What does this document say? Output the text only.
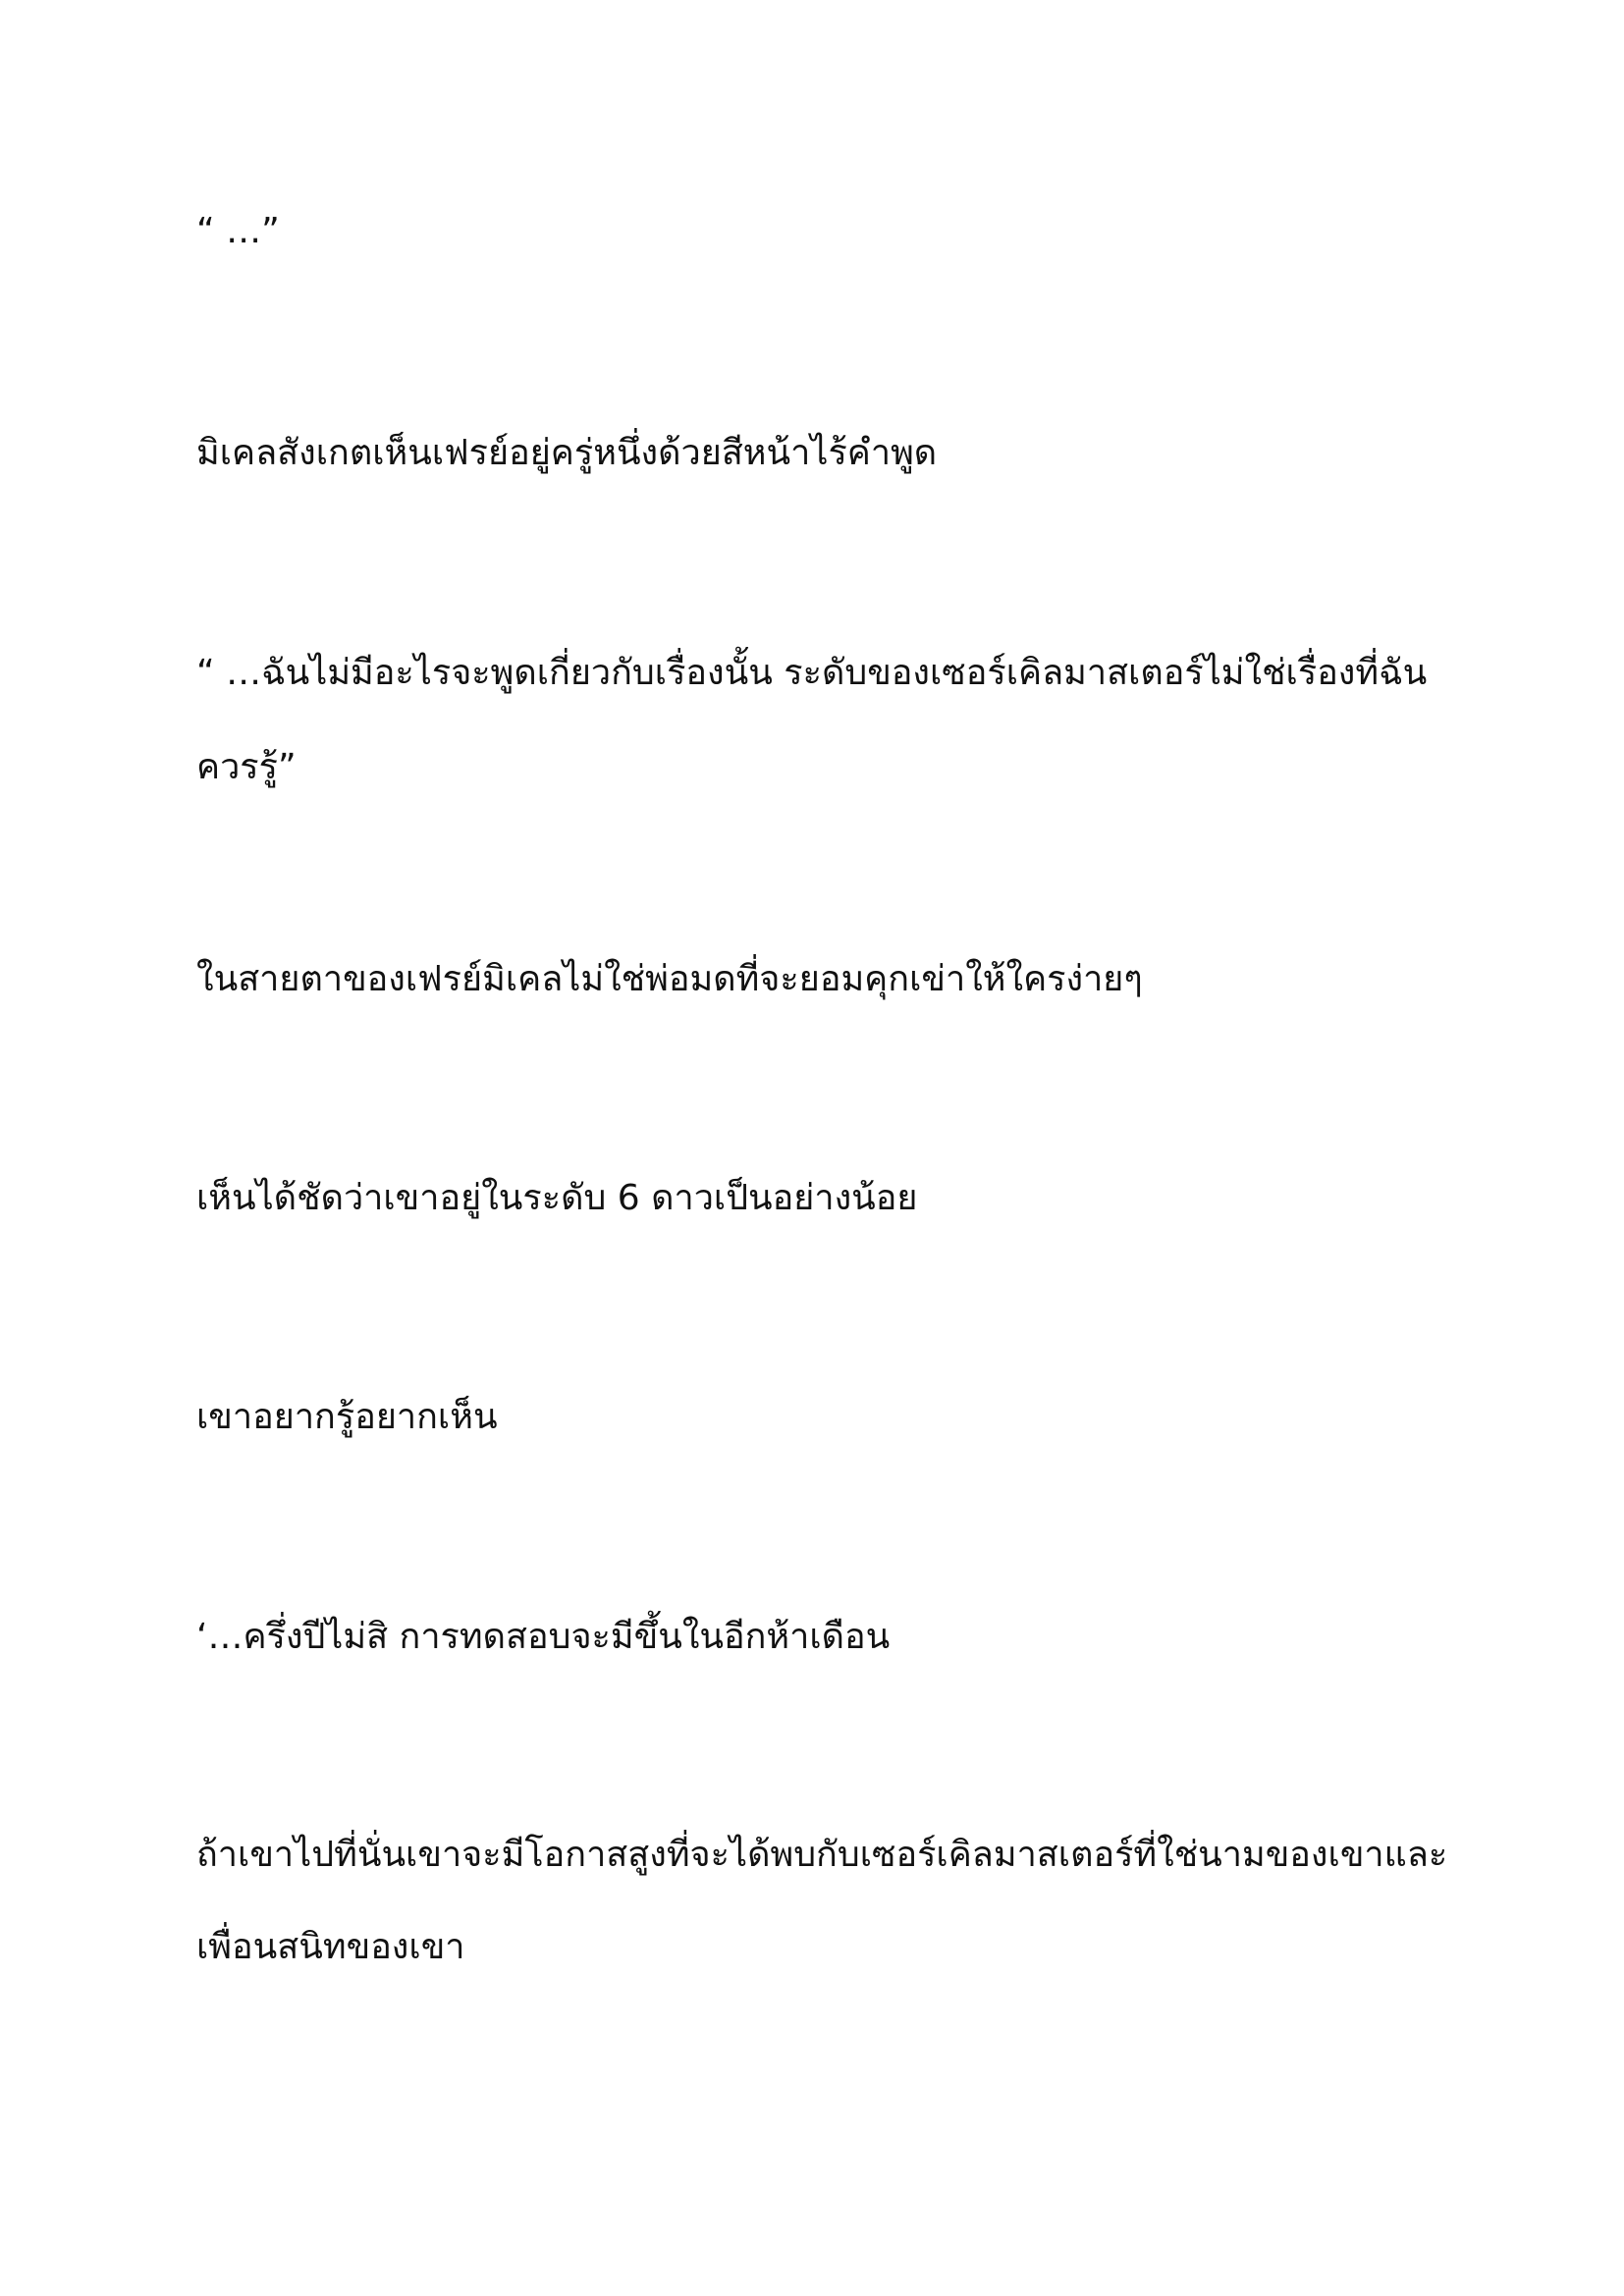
“ …”

มิเคลสังเกตเห็นเฟรย์อยู่ครู่หนึ่งด้วยสีหน้าไร้คำพูด

“ …ฉันไม่มีอะไรจะพูดเกี่ยวกับเรื่องนั้น ระดับของเซอร์เคิลมาสเตอร์ไม่ใช่เรื่องที่ฉัน

ควรรู้”

ในสายตาของเฟรย์มิเคลไม่ใช่พ่อมดที่จะยอมคุกเข่าให้ใครง่ายๆ

เห็นได้ชัดว่าเขาอยู่ในระดับ 6 ดาวเป็นอย่างน้อย

เขาอยากรู้อยากเห็น

‘…ครึ่งปีไม่สิ การทดสอบจะมีขึ้นในอีกห้าเดือน

ถ้าเขาไปที่นั่นเขาจะมีโอกาสสูงที่จะได้พบกับเซอร์เคิลมาสเตอร์ที่ใช่นามของเขาและ

เพื่อนสนิทของเขา
